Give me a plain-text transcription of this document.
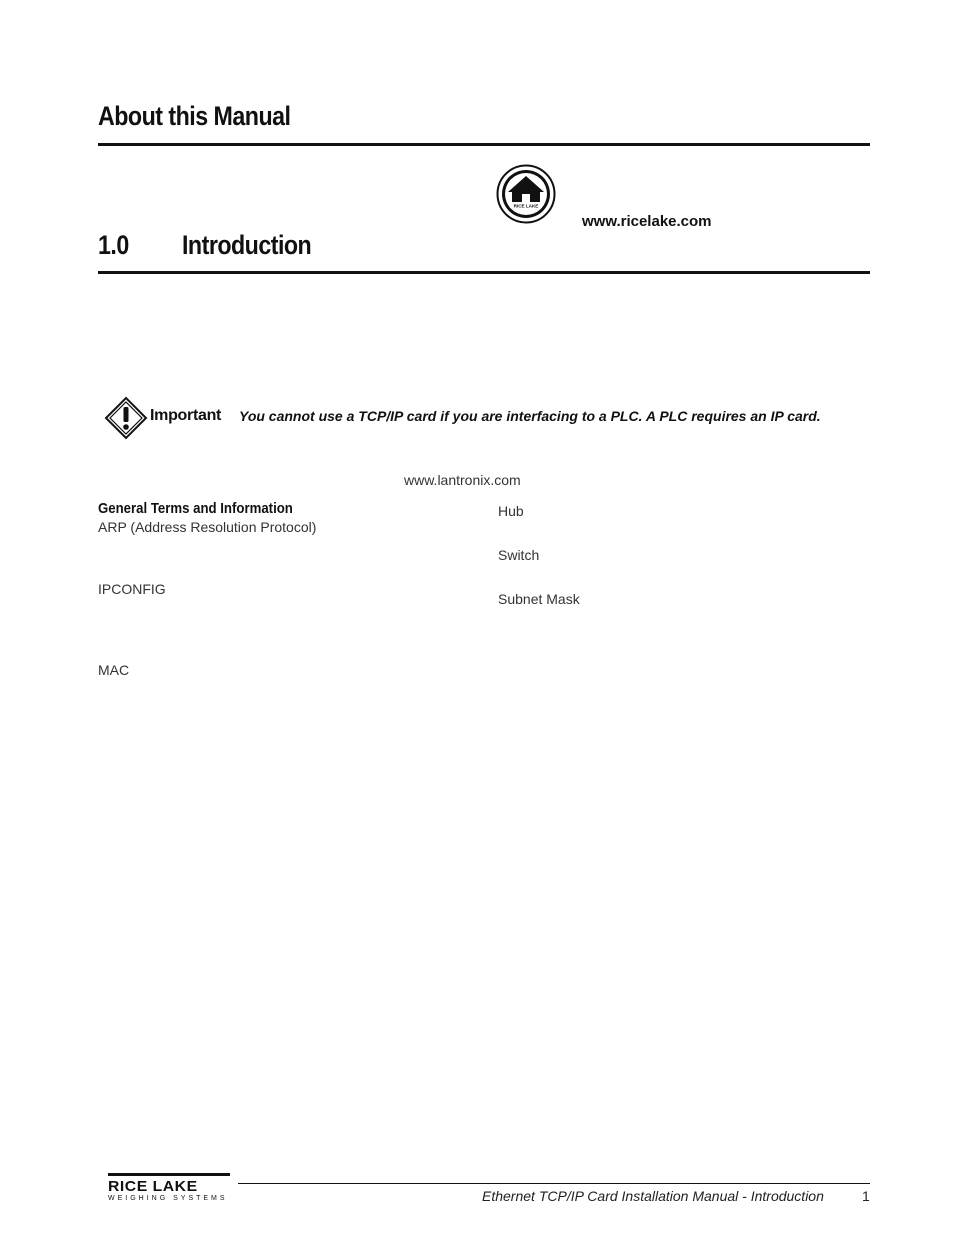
About this Manual
RICE LAKE
www.ricelake.com
1.0 Introduction
Important You cannot use a TCP/IP card if you are interfacing to a PLC. A PLC requires an IP card.
www.lantronix.com
General Terms and Information
ARP (Address Resolution Protocol)
IPCONFIG
MAC
Hub
Switch
Subnet Mask
RICE LAKE
WEIGHING SYSTEMS	Ethernet TCP/IP Card Installation Manual - Introduction	1
